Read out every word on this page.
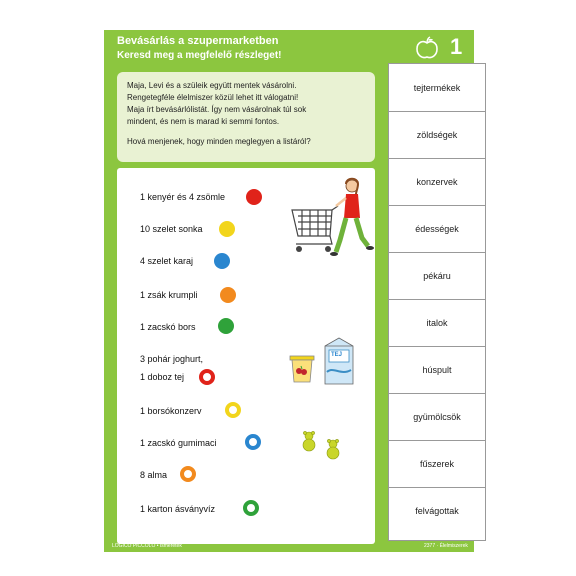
Bevásárlás a szupermarketben
Keresd meg a megfelelő részleget!	1

Maja, Levi és a szüleik együtt mentek vásárolni.

Rengetegféle élelmiszer közül lehet itt válogatni!

Maja írt bevásárlólistát. Így nem vásárolnak túl sok

mindent, és nem is marad ki semmi fontos.

Hová menjenek, hogy minden meglegyen a listáról?

1 kenyér és 4 zsömle
10 szelet sonka
4 szelet karaj
1 zsák krumpli
1 zacskó bors
3 pohár joghurt,
1 doboz tej
1 borsókonzerv
1 zacskó gumimaci
8 alma
1 karton ásványvíz
TEJ
tejtermékek
zöldségek
konzervek
édességek
pékáru
italok
húspult
gyümölcsök
fűszerek
felvágottak
LOGICO PICCOLO • Ismeretek	2377 · Élelmiszerek
